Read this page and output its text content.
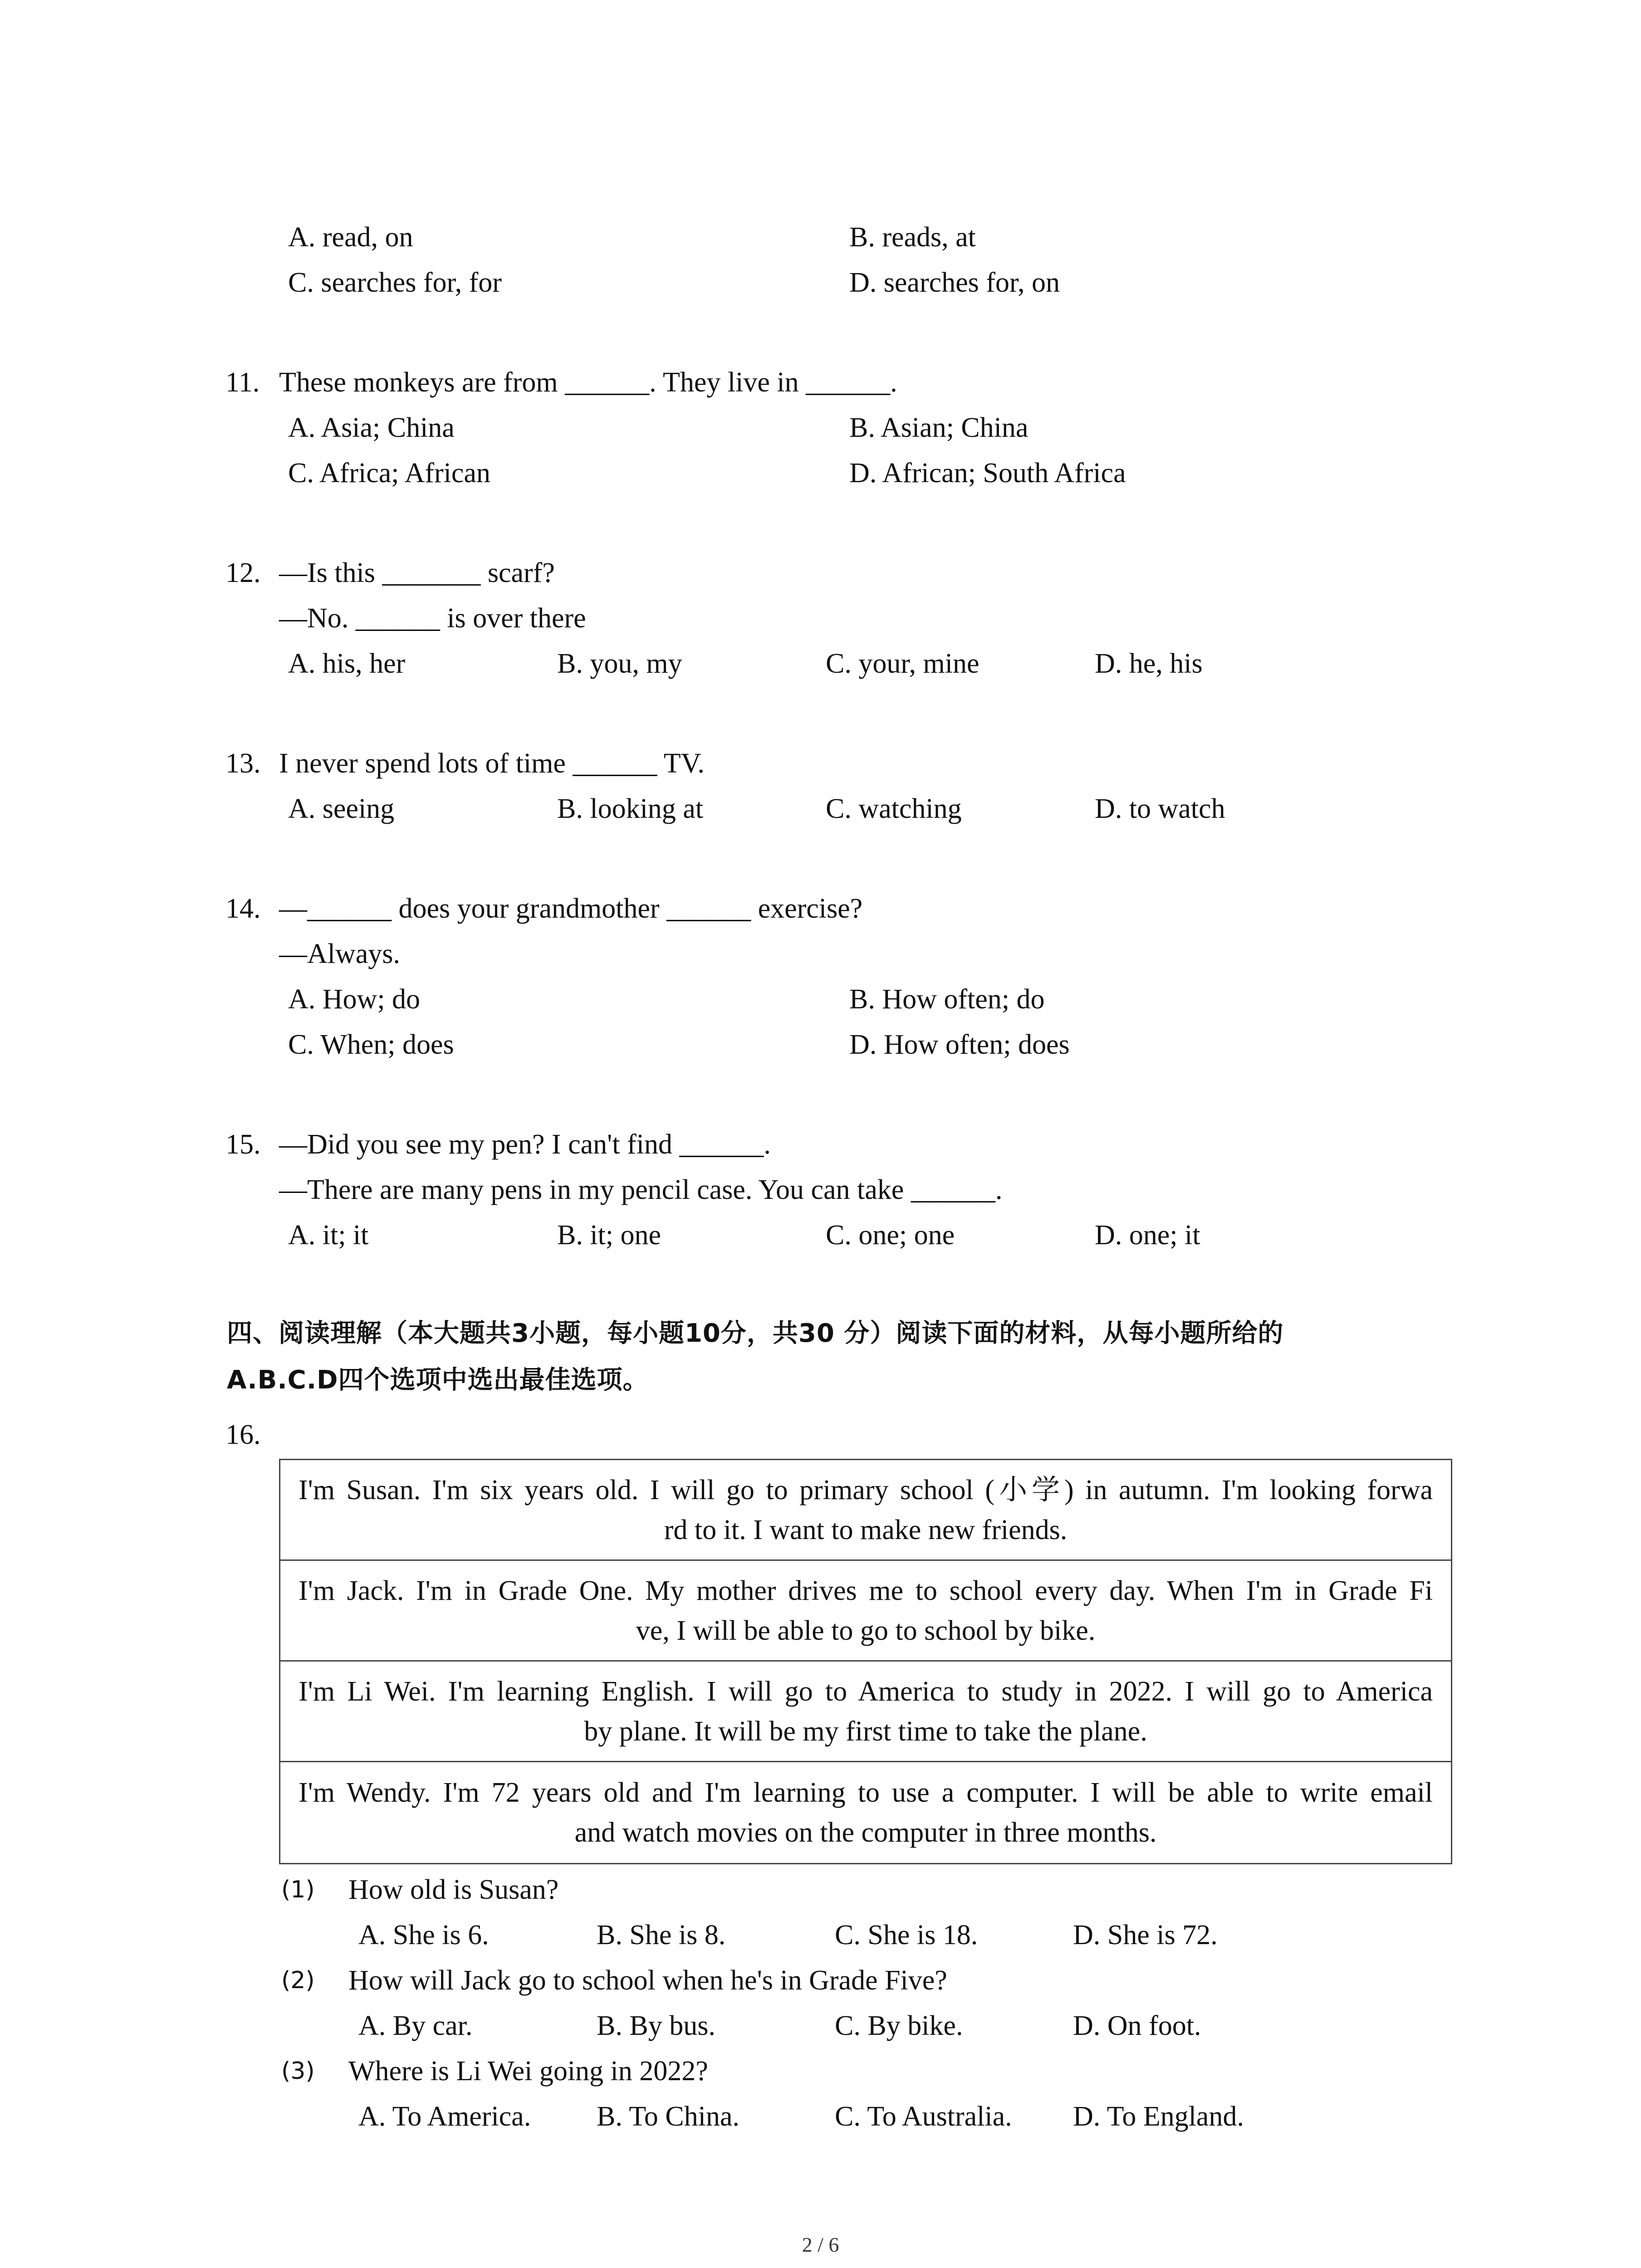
A. read, on	B. reads, at
C. searches for, for	D. searches for, on
11. These monkeys are from ______. They live in ______.
A. Asia; China	B. Asian; China
C. Africa; African	D. African; South Africa
12. —Is this _______ scarf?
—No. ______ is over there
A. his, her	B. you, my	C. your, mine	D. he, his
13. I never spend lots of time ______ TV.
A. seeing	B. looking at	C. watching	D. to watch
14. —______ does your grandmother ______ exercise?
—Always.
A. How; do	B. How often; do
C. When; does	D. How often; does
15. —Did you see my pen? I can't find ______.
—There are many pens in my pencil case. You can take ______.
A. it; it	B. it; one	C. one; one	D. one; it
四、阅读理解（本大题共3小题，每小题10分，共30 分）阅读下面的材料，从每小题所给的
A.B.C.D四个选项中选出最佳选项。
16.
I'm Susan. I'm six years old. I will go to primary school (小学) in autumn. I'm looking forwa
rd to it. I want to make new friends.
I'm Jack. I'm in Grade One. My mother drives me to school every day. When I'm in Grade Fi
ve, I will be able to go to school by bike.
I'm Li Wei. I'm learning English. I will go to America to study in 2022. I will go to America
by plane. It will be my first time to take the plane.
I'm Wendy. I'm 72 years old and I'm learning to use a computer. I will be able to write email
and watch movies on the computer in three months.
(1) How old is Susan?
A. She is 6.	B. She is 8.	C. She is 18.	D. She is 72.
(2) How will Jack go to school when he's in Grade Five?
A. By car.	B. By bus.	C. By bike.	D. On foot.
(3) Where is Li Wei going in 2022?
A. To America. B. To China.	C. To Australia. D. To England.
2 / 6
